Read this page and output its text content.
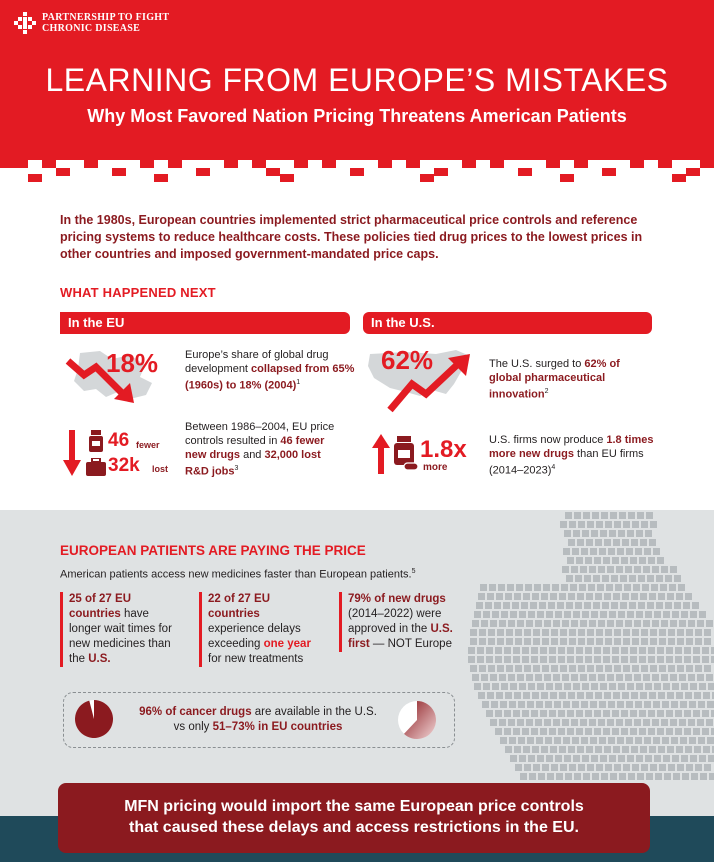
PARTNERSHIP TO FIGHT
CHRONIC DISEASE
LEARNING FROM EUROPE’S MISTAKES
Why Most Favored Nation Pricing Threatens American Patients
In the 1980s, European countries implemented strict pharmaceutical price controls and reference pricing systems to reduce healthcare costs. These policies tied drug prices to the lowest prices in other countries and imposed government-mandated price caps.
WHAT HAPPENED NEXT
In the EU	In the U.S.
18% Europe’s share of global drug development collapsed from 65% (1960s) to 18% $(2004)^1$
46 fewer
32k lost
Between 1986–2004, EU price controls resulted in 46 fewer new drugs and 32,000 lost R&D jobs$^3$
62%	The U.S. surged to 62% of global pharmaceutical innovation$^2$
1.8x
more
U.S. firms now produce 1.8 times more new drugs than EU firms (2014–2023)$^4$
EUROPEAN PATIENTS ARE PAYING THE PRICE
American patients access new medicines faster than European patients.$^5$
25 of 27 EU countries have longer wait times for new medicines than the U.S.
22 of 27 EU countries experience delays exceeding one year for new treatments
79% of new drugs (2014–2022) were approved in the U.S. first — NOT Europe
96% of cancer drugs are available in the U.S.
vs only 51–73% in EU countries
MFN pricing would import the same European price controls
that caused these delays and access restrictions in the EU.
